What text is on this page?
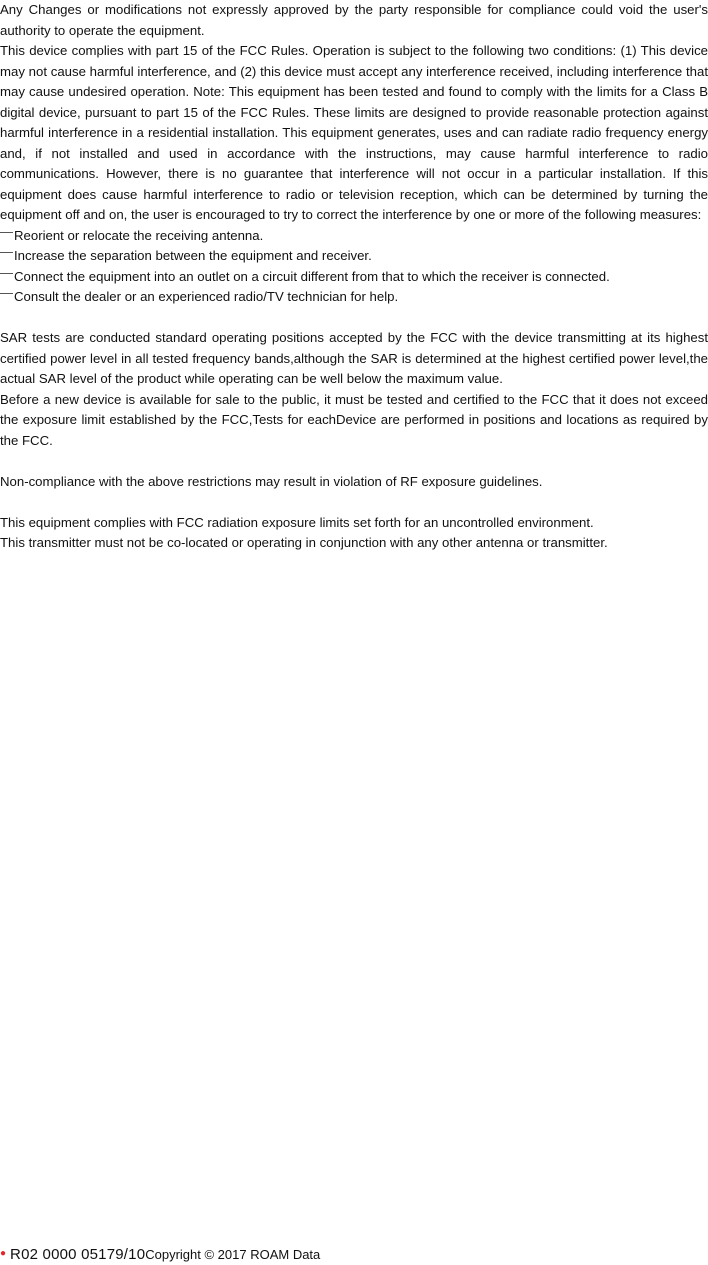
Any Changes or modifications not expressly approved by the party responsible for compliance could void the user's authority to operate the equipment.

This device complies with part 15 of the FCC Rules. Operation is subject to the following two conditions: (1) This device may not cause harmful interference, and (2) this device must accept any interference received, including interference that may cause undesired operation. Note: This equipment has been tested and found to comply with the limits for a Class B digital device, pursuant to part 15 of the FCC Rules. These limits are designed to provide reasonable protection against harmful interference in a residential installation. This equipment generates, uses and can radiate radio frequency energy and, if not installed and used in accordance with the instructions, may cause harmful interference to radio communications. However, there is no guarantee that interference will not occur in a particular installation. If this equipment does cause harmful interference to radio or television reception, which can be determined by turning the equipment off and on, the user is encouraged to try to correct the interference by one or more of the following measures:

Reorient or relocate the receiving antenna.

Increase the separation between the equipment and receiver.

Connect the equipment into an outlet on a circuit different from that to which the receiver is connected.

Consult the dealer or an experienced radio/TV technician for help.

SAR tests are conducted standard operating positions accepted by the FCC with the device transmitting at its highest certified power level in all tested frequency bands,although the SAR is determined at the highest certified power level,the actual SAR level of the product while operating can be well below the maximum value.

Before a new device is available for sale to the public, it must be tested and certified to the FCC that it does not exceed the exposure limit established by the FCC,Tests for eachDevice are performed in positions and locations as required by the FCC.

Non-compliance with the above restrictions may result in violation of RF exposure guidelines.

This equipment complies with FCC radiation exposure limits set forth for an uncontrolled environment.

This transmitter must not be co-located or operating in conjunction with any other antenna or transmitter.

● R02 0000 05179/10Copyright © 2017 ROAM Data
